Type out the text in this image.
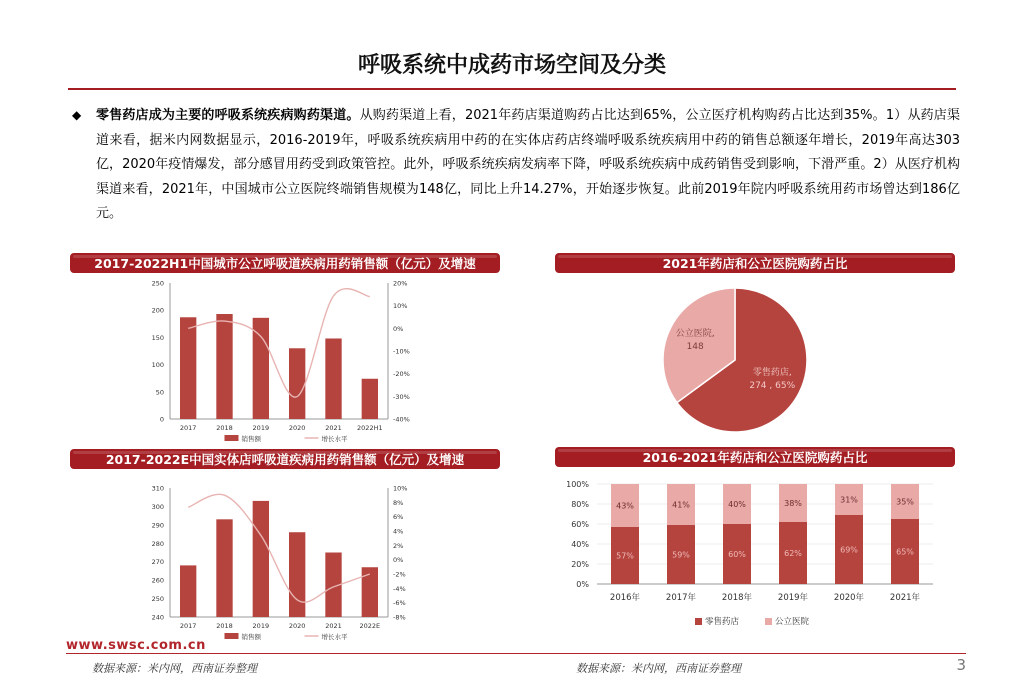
呼吸系统中成药市场空间及分类
◆ 零售药店成为主要的呼吸系统疾病购药渠道。从购药渠道上看，2021年药店渠道购药占比达到65%，公立医疗机构购药占比达到35%。1）从药店渠道来看，据米内网数据显示，2016-2019年，呼吸系统疾病用中药的在实体店药店终端呼吸系统疾病用中药的销售总额逐年增长，2019年高达303亿，2020年疫情爆发，部分感冒用药受到政策管控。此外，呼吸系统疾病发病率下降，呼吸系统疾病中成药销售受到影响，下滑严重。2）从医疗机构渠道来看，2021年，中国城市公立医院终端销售规模为148亿，同比上升14.27%，开始逐步恢复。此前2019年院内呼吸系统用药市场曾达到186亿元。
2017-2022H1中国城市公立呼吸道疾病用药销售额（亿元）及增速
0
50
100
150
200
250
-40%
-30%
-20%
-10%
0%
10%
20%
2017	2018	2019	2020	2021 2022H1
销售额	增长水平
2017-2022E中国实体店呼吸道疾病用药销售额（亿元）及增速
240
250
260
270
280
290
300
310
-8%
-6%
-4%
-2%
0%
2%
4%
6%
8%
10%
2017	2018	2019	2020	2021	2022E
销售额	增长水平
2021年药店和公立医院购药占比
零售药店,
274 , 65%
公立医院,
148
2016-2021年药店和公立医院购药占比
0%
20%
40%
60%
80%
100%
57%
43%
2016年
59%
41%
2017年
60%
40%
2018年
62%
38%
2019年
69%
31%
2020年
65%
35%
2021年
零售药店	公立医院
www.swsc.com.cn
数据来源：米内网，西南证券整理	数据来源：米内网，西南证券整理	3
